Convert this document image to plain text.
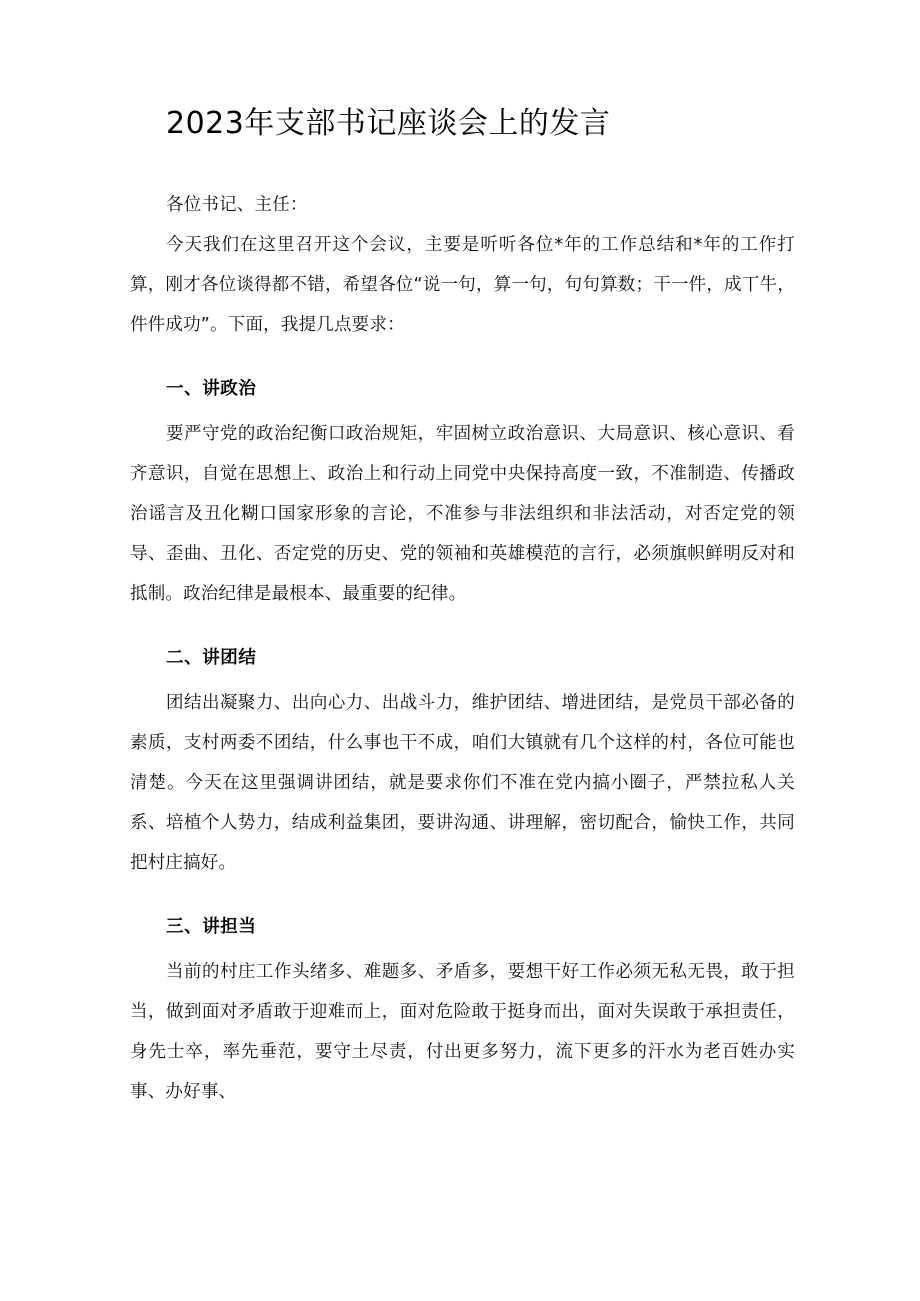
2023年支部书记座谈会上的发言

各位书记、主任：

今天我们在这里召开这个会议，主要是听听各位*年的工作总结和*年的工作打算，刚才各位谈得都不错，希望各位“说一句，算一句，句句算数；干一件，成丅牛，件件成功”。下面，我提几点要求：

一、讲政治

要严守党的政治纪衡口政治规矩，牢固树立政治意识、大局意识、核心意识、看齐意识，自觉在思想上、政治上和行动上同党中央保持高度一致，不准制造、传播政治谣言及丑化糊口国家形象的言论，不准参与非法组织和非法活动，对否定党的领导、歪曲、丑化、否定党的历史、党的领袖和英雄模范的言行，必须旗帜鲜明反对和抵制。政治纪律是最根本、最重要的纪律。

二、讲团结

团结出凝聚力、出向心力、出战斗力，维护团结、增进团结，是党员干部必备的素质，支村两委不团结，什么事也干不成，咱们大镇就有几个这样的村，各位可能也清楚。今天在这里强调讲团结，就是要求你们不准在党内搞小圈子，严禁拉私人关系、培植个人势力，结成利益集团，要讲沟通、讲理解，密切配合，愉快工作，共同把村庄搞好。

三、讲担当

当前的村庄工作头绪多、难题多、矛盾多，要想干好工作必须无私无畏，敢于担当，做到面对矛盾敢于迎难而上，面对危险敢于挺身而出，面对失误敢于承担责任，身先士卒，率先垂范，要守土尽责，付出更多努力，流下更多的汗水为老百姓办实事、办好事、
